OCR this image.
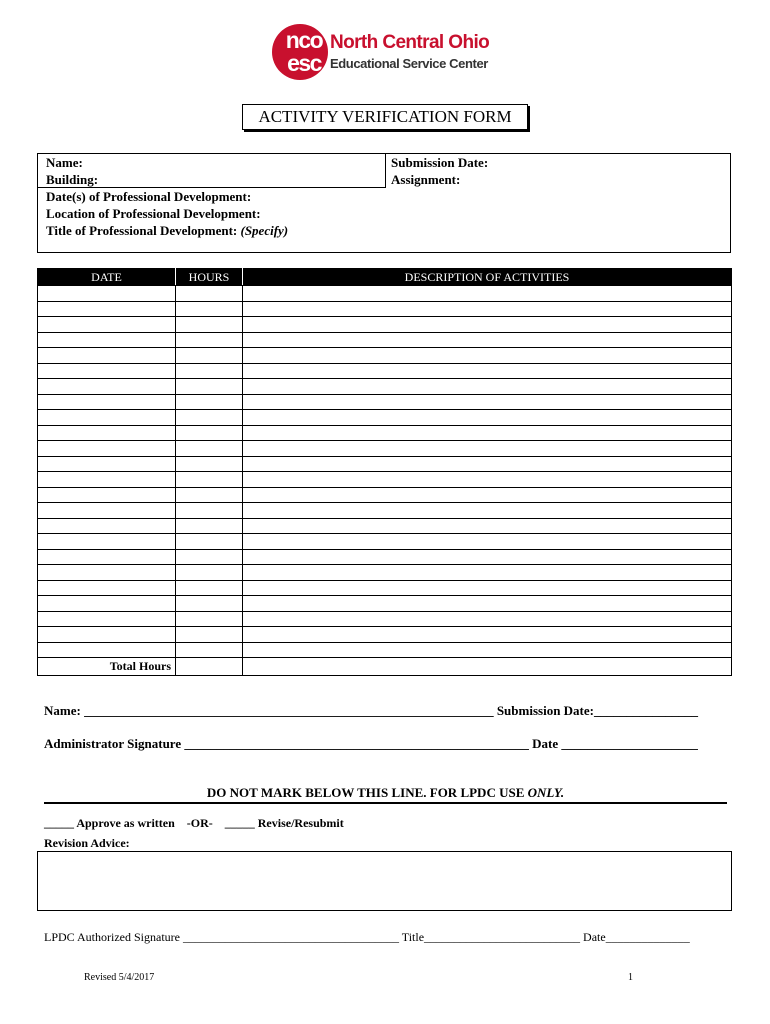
nco
esc
North Central Ohio
Educational Service Center
ACTIVITY VERIFICATION FORM
Name:
Building:
Date(s) of Professional Development:
Location of Professional Development:
Title of Professional Development: (Specify)
Submission Date:
Assignment:
DATE	HOURS	DESCRIPTION OF ACTIVITIES

Total Hours		
Name: _______________________________________________________________ Submission Date:________________
Administrator Signature _____________________________________________________ Date _____________________
DO NOT MARK BELOW THIS LINE. FOR LPDC USE ONLY.
_____ Approve as written    -OR-    _____ Revise/Resubmit
Revision Advice:
LPDC Authorized Signature ____________________________________ Title__________________________ Date______________
Revised 5/4/2017	1
